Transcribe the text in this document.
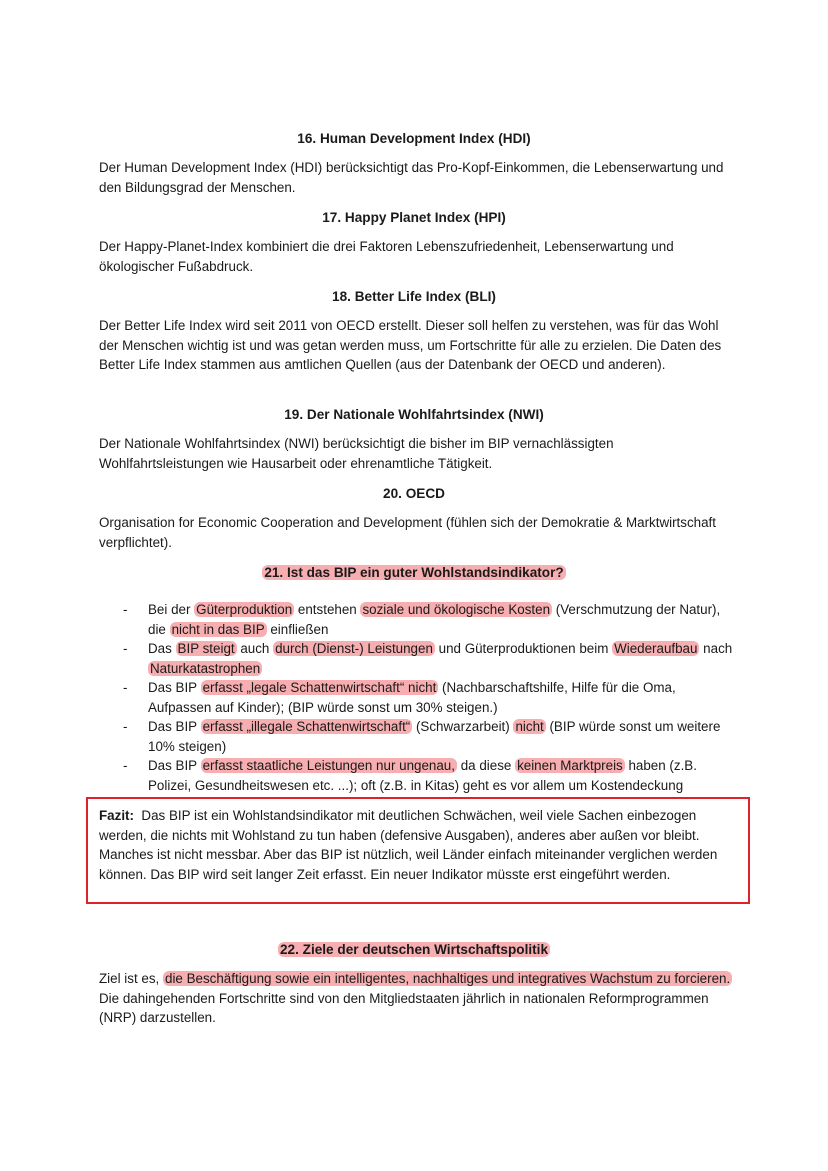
16. Human Development Index (HDI)
Der Human Development Index (HDI) berücksichtigt das Pro-Kopf-Einkommen, die Lebenserwartung und den Bildungsgrad der Menschen.
17. Happy Planet Index (HPI)
Der Happy-Planet-Index kombiniert die drei Faktoren Lebenszufriedenheit, Lebenserwartung und ökologischer Fußabdruck.
18. Better Life Index (BLI)
Der Better Life Index wird seit 2011 von OECD erstellt. Dieser soll helfen zu verstehen, was für das Wohl der Menschen wichtig ist und was getan werden muss, um Fortschritte für alle zu erzielen. Die Daten des Better Life Index stammen aus amtlichen Quellen (aus der Datenbank der OECD und anderen).
19. Der Nationale Wohlfahrtsindex (NWI)
Der Nationale Wohlfahrtsindex (NWI) berücksichtigt die bisher im BIP vernachlässigten Wohlfahrtsleistungen wie Hausarbeit oder ehrenamtliche Tätigkeit.
20. OECD
Organisation for Economic Cooperation and Development (fühlen sich der Demokratie & Marktwirtschaft verpflichtet).
21. Ist das BIP ein guter Wohlstandsindikator?
- Bei der Güterproduktion entstehen soziale und ökologische Kosten (Verschmutzung der Natur), die nicht in das BIP einfließen
- Das BIP steigt auch durch (Dienst-) Leistungen und Güterproduktionen beim Wiederaufbau nach Naturkatastrophen
- Das BIP erfasst „legale Schattenwirtschaft“ nicht (Nachbarschaftshilfe, Hilfe für die Oma, Aufpassen auf Kinder); (BIP würde sonst um 30% steigen.)
- Das BIP erfasst „illegale Schattenwirtschaft“ (Schwarzarbeit) nicht (BIP würde sonst um weitere 10% steigen)
- Das BIP erfasst staatliche Leistungen nur ungenau, da diese keinen Marktpreis haben (z.B. Polizei, Gesundheitswesen etc. ...); oft (z.B. in Kitas) geht es vor allem um Kostendeckung
Fazit: Das BIP ist ein Wohlstandsindikator mit deutlichen Schwächen, weil viele Sachen einbezogen werden, die nichts mit Wohlstand zu tun haben (defensive Ausgaben), anderes aber außen vor bleibt. Manches ist nicht messbar. Aber das BIP ist nützlich, weil Länder einfach miteinander verglichen werden können. Das BIP wird seit langer Zeit erfasst. Ein neuer Indikator müsste erst eingeführt werden.
22. Ziele der deutschen Wirtschaftspolitik
Ziel ist es, die Beschäftigung sowie ein intelligentes, nachhaltiges und integratives Wachstum zu forcieren. Die dahingehenden Fortschritte sind von den Mitgliedstaaten jährlich in nationalen Reformprogrammen (NRP) darzustellen.
